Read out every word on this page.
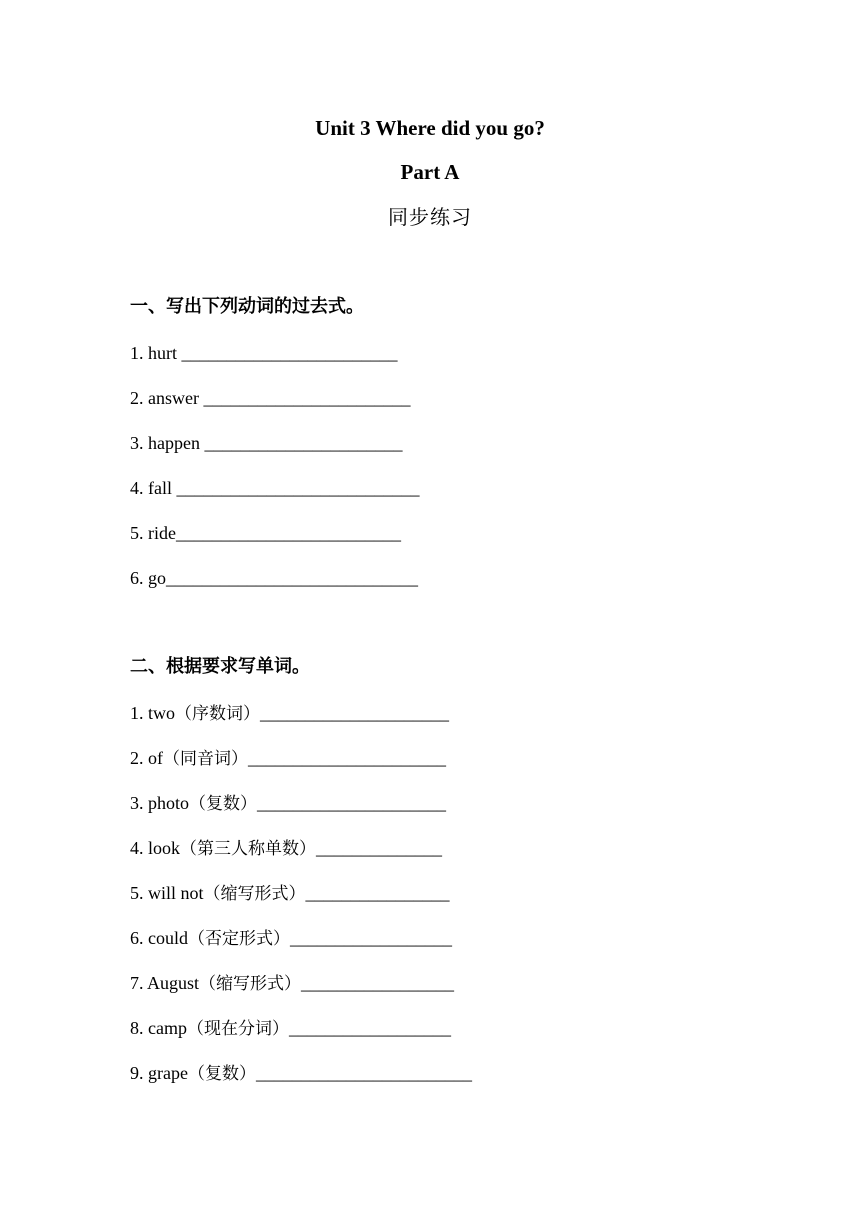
Unit 3 Where did you go?
Part A
同步练习
一、写出下列动词的过去式。
1. hurt ________________________
2. answer _______________________
3. happen ______________________
4. fall ___________________________
5. ride_________________________
6. go____________________________
二、根据要求写单词。
1. two（序数词）_____________________
2. of（同音词）______________________
3. photo（复数）_____________________
4. look（第三人称单数）______________
5. will not（缩写形式）________________
6. could（否定形式）__________________
7. August（缩写形式）_________________
8. camp（现在分词）__________________
9. grape（复数）________________________
